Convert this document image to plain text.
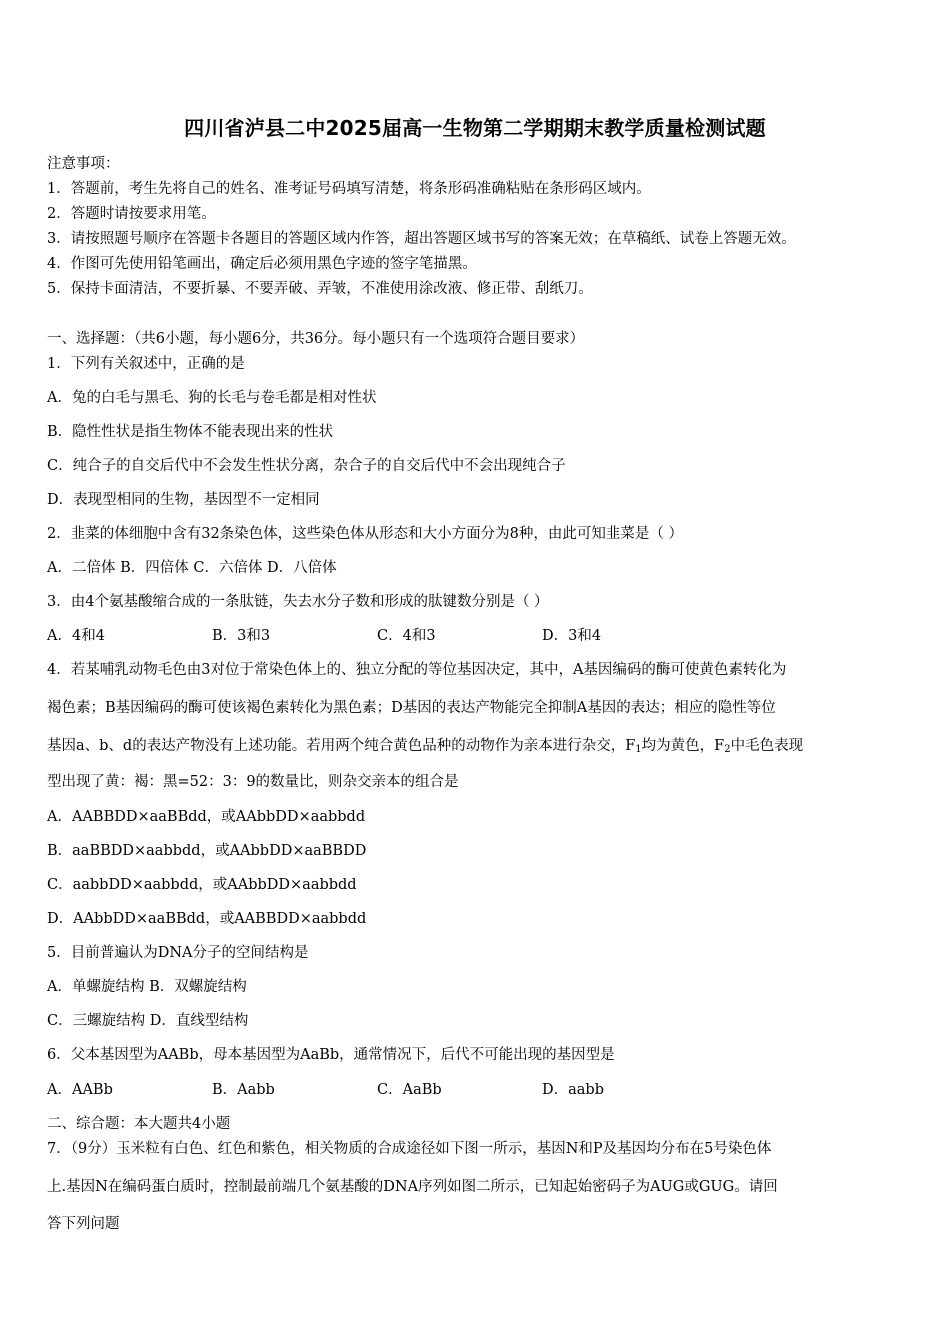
四川省泸县二中2025届高一生物第二学期期末教学质量检测试题
注意事项：
1．答题前，考生先将自己的姓名、准考证号码填写清楚，将条形码准确粘贴在条形码区域内。
2．答题时请按要求用笔。
3．请按照题号顺序在答题卡各题目的答题区域内作答，超出答题区域书写的答案无效；在草稿纸、试卷上答题无效。
4．作图可先使用铅笔画出，确定后必须用黑色字迹的签字笔描黑。
5．保持卡面清洁，不要折暴、不要弄破、弄皱，不准使用涂改液、修正带、刮纸刀。
一、选择题：（共6小题，每小题6分，共36分。每小题只有一个选项符合题目要求）
1．下列有关叙述中，正确的是
A．兔的白毛与黑毛、狗的长毛与卷毛都是相对性状
B．隐性性状是指生物体不能表现出来的性状
C．纯合子的自交后代中不会发生性状分离，杂合子的自交后代中不会出现纯合子
D．表现型相同的生物，基因型不一定相同
2．韭菜的体细胞中含有32条染色体，这些染色体从形态和大小方面分为8种，由此可知韭菜是（ ）
A．二倍体 B．四倍体 C．六倍体 D．八倍体
3．由4个氨基酸缩合成的一条肽链，失去水分子数和形成的肽键数分别是（ ）
A．4和4	B．3和3	C．4和3	D．3和4
4．若某哺乳动物毛色由3对位于常染色体上的、独立分配的等位基因决定，其中，A基因编码的酶可使黄色素转化为
褐色素；B基因编码的酶可使该褐色素转化为黑色素；D基因的表达产物能完全抑制A基因的表达；相应的隐性等位
基因a、b、d的表达产物没有上述功能。若用两个纯合黄色品种的动物作为亲本进行杂交，$F_1$均为黄色，$F_2$中毛色表现
型出现了黄：褐：黑=52：3：9的数量比，则杂交亲本的组合是
A．AABBDD×aaBBdd，或AAbbDD×aabbdd
B．aaBBDD×aabbdd，或AAbbDD×aaBBDD
C．aabbDD×aabbdd，或AAbbDD×aabbdd
D．AAbbDD×aaBBdd，或AABBDD×aabbdd
5．目前普遍认为DNA分子的空间结构是
A．单螺旋结构 B．双螺旋结构
C．三螺旋结构 D．直线型结构
6．父本基因型为AABb，母本基因型为AaBb，通常情况下，后代不可能出现的基因型是
A．AABb	B．Aabb	C．AaBb	D．aabb
二、综合题：本大题共4小题
7．（9分）玉米粒有白色、红色和紫色，相关物质的合成途径如下图一所示，基因N和P及基因均分布在5号染色体
上.基因N在编码蛋白质时，控制最前端几个氨基酸的DNA序列如图二所示，已知起始密码子为AUG或GUG。请回
答下列问题
